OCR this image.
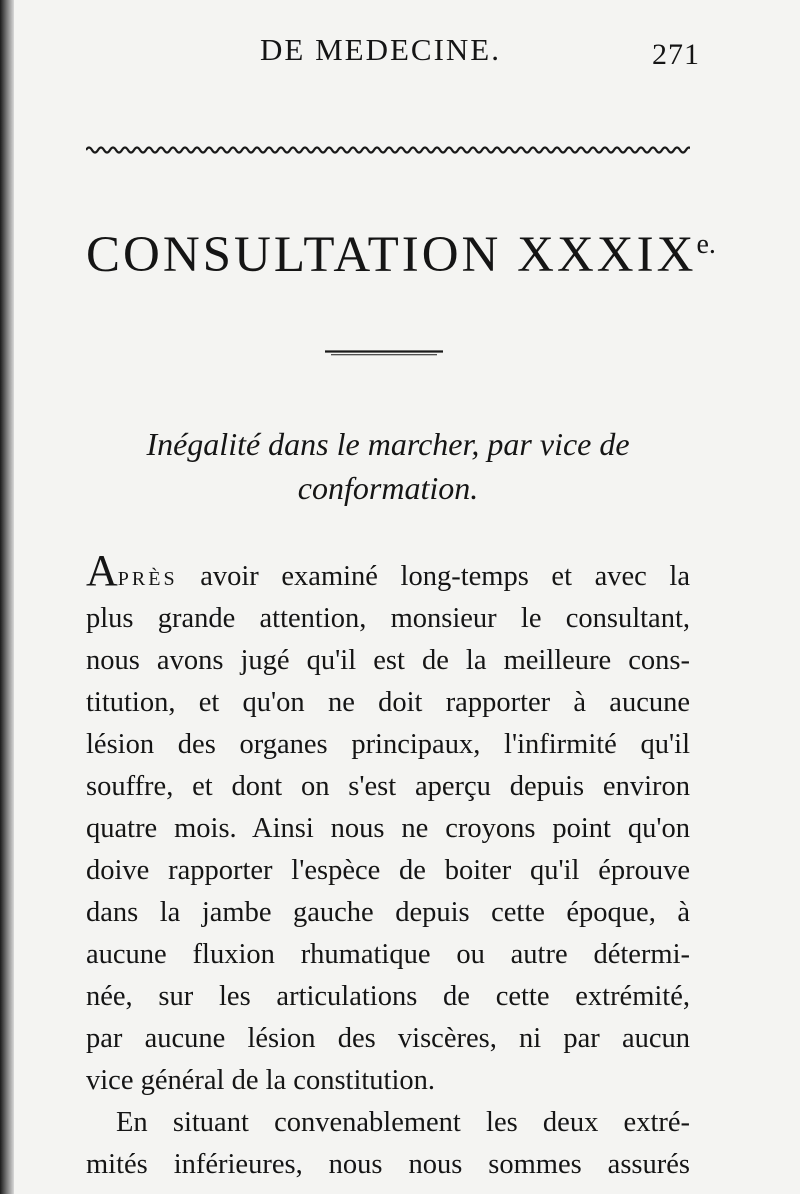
DE MEDECINE.	271
CONSULTATION $XXXIX^{e.}$
Inégalité dans le marcher, par vice de
conformation.

APRÈS avoir examiné long-temps et avec la
plus grande attention, monsieur le consultant,
nous avons jugé qu'il est de la meilleure cons-
titution, et qu'on ne doit rapporter à aucune
lésion des organes principaux, l'infirmité qu'il
souffre, et dont on s'est aperçu depuis environ
quatre mois. Ainsi nous ne croyons point qu'on
doive rapporter l'espèce de boiter qu'il éprouve
dans la jambe gauche depuis cette époque, à
aucune fluxion rhumatique ou autre détermi-
née, sur les articulations de cette extrémité,
par aucune lésion des viscères, ni par aucun
vice général de la constitution.

En situant convenablement les deux extré-
mités inférieures, nous nous sommes assurés
